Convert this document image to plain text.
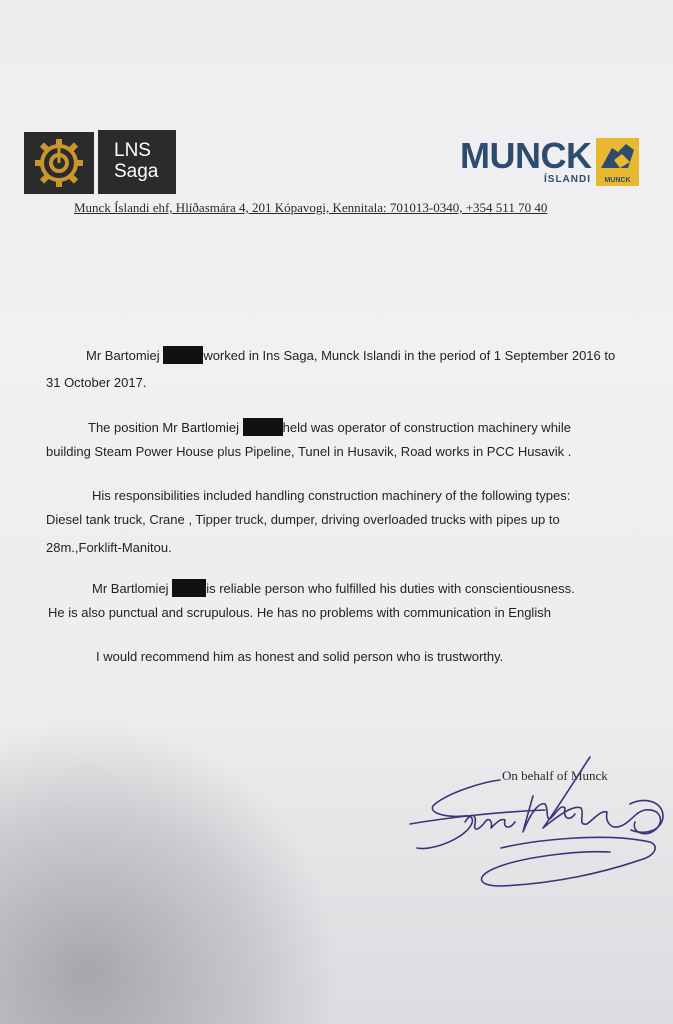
LNS
Saga	MUNCK
ÍSLANDI	MUNCK
Munck Íslandi ehf, Hlíðasmára 4, 201 Kópavogi, Kennitala: 701013-0340, +354 511 70 40
Mr Bartomiej	worked in Ins Saga, Munck Islandi in the period of 1 September 2016 to
31 October 2017.
The position Mr Bartlomiej	held was operator of construction machinery while
building Steam Power House plus Pipeline, Tunel in Husavik, Road works in PCC Husavik .
His responsibilities included handling construction machinery of the following types:
Diesel tank truck, Crane , Tipper truck, dumper, driving overloaded trucks with pipes up to
28m.,Forklift-Manitou.
Mr Bartlomiej	is reliable person who fulfilled his duties with conscientiousness.
He is also punctual and scrupulous. He has no problems with communication in English
I would recommend him as honest and solid person who is trustworthy.
On behalf of Munck
